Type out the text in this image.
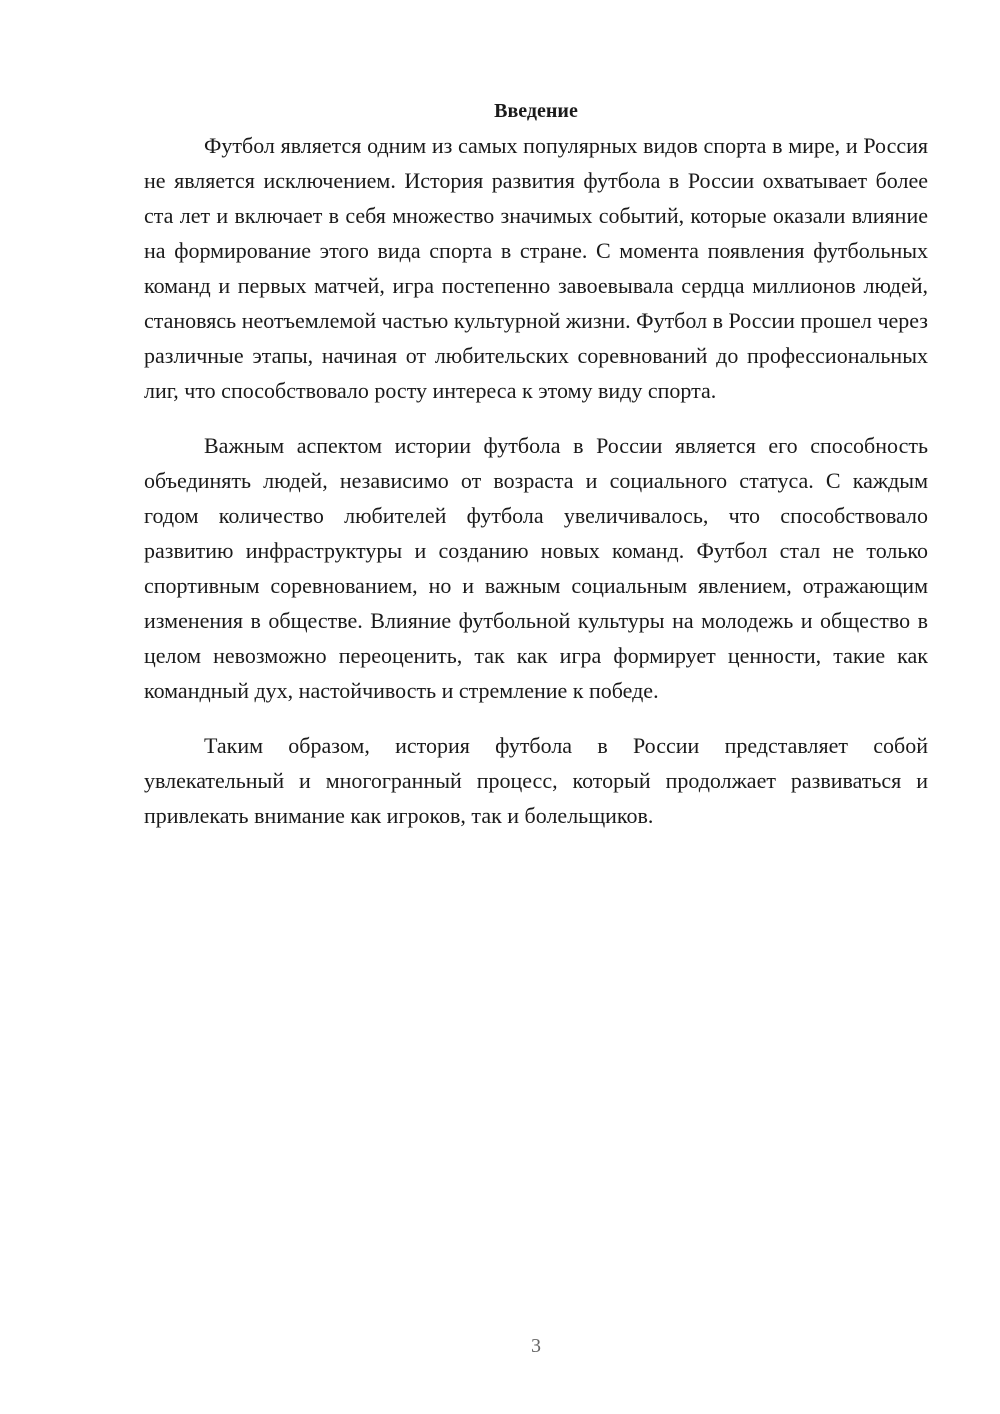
Введение

Футбол является одним из самых популярных видов спорта в мире, и Россия не является исключением. История развития футбола в России охватывает более ста лет и включает в себя множество значимых событий, которые оказали влияние на формирование этого вида спорта в стране. С момента появления футбольных команд и первых матчей, игра постепенно завоевывала сердца миллионов людей, становясь неотъемлемой частью культурной жизни. Футбол в России прошел через различные этапы, начиная от любительских соревнований до профессиональных лиг, что способствовало росту интереса к этому виду спорта.

Важным аспектом истории футбола в России является его способность объединять людей, независимо от возраста и социального статуса. С каждым годом количество любителей футбола увеличивалось, что способствовало развитию инфраструктуры и созданию новых команд. Футбол стал не только спортивным соревнованием, но и важным социальным явлением, отражающим изменения в обществе. Влияние футбольной культуры на молодежь и общество в целом невозможно переоценить, так как игра формирует ценности, такие как командный дух, настойчивость и стремление к победе.

Таким образом, история футбола в России представляет собой увлекательный и многогранный процесс, который продолжает развиваться и привлекать внимание как игроков, так и болельщиков.

3
